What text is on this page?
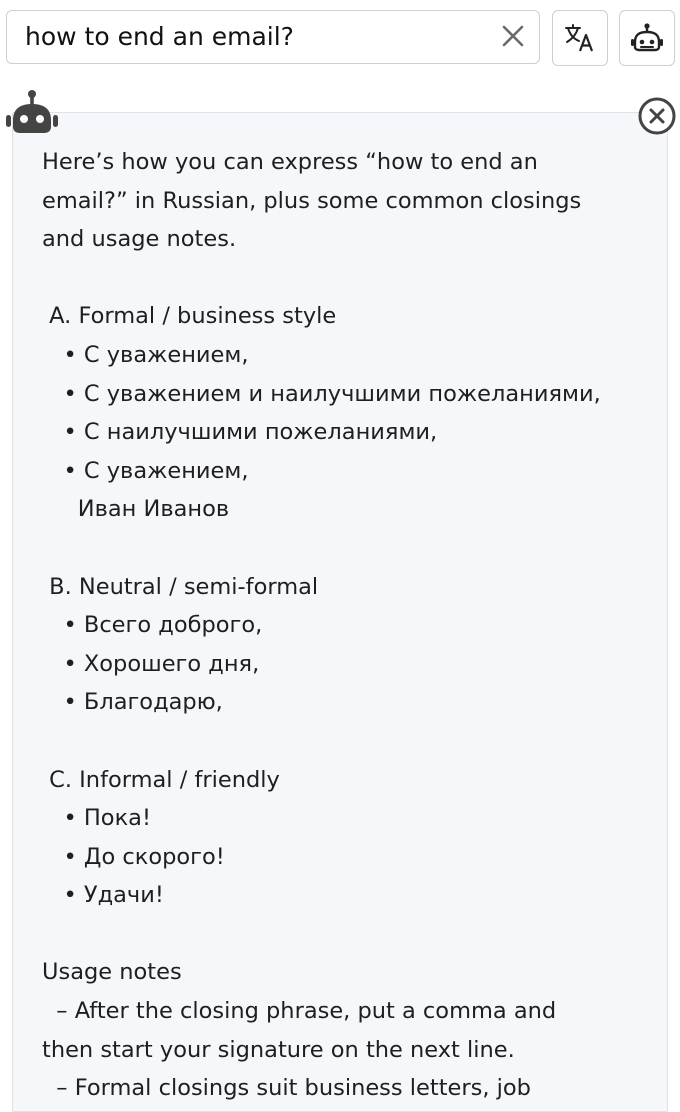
how to end an email?
Here’s how you can express “how to end an
email?” in Russian, plus some common closings
and usage notes.
A. Formal / business style
• С уважением,
• С уважением и наилучшими пожеланиями,
• С наилучшими пожеланиями,
• С уважением,
Иван Иванов
B. Neutral / semi-formal
• Всего доброго,
• Хорошего дня,
• Благодарю,
C. Informal / friendly
• Пока!
• До скорого!
• Удачи!
Usage notes
– After the closing phrase, put a comma and
then start your signature on the next line.
– Formal closings suit business letters, job
